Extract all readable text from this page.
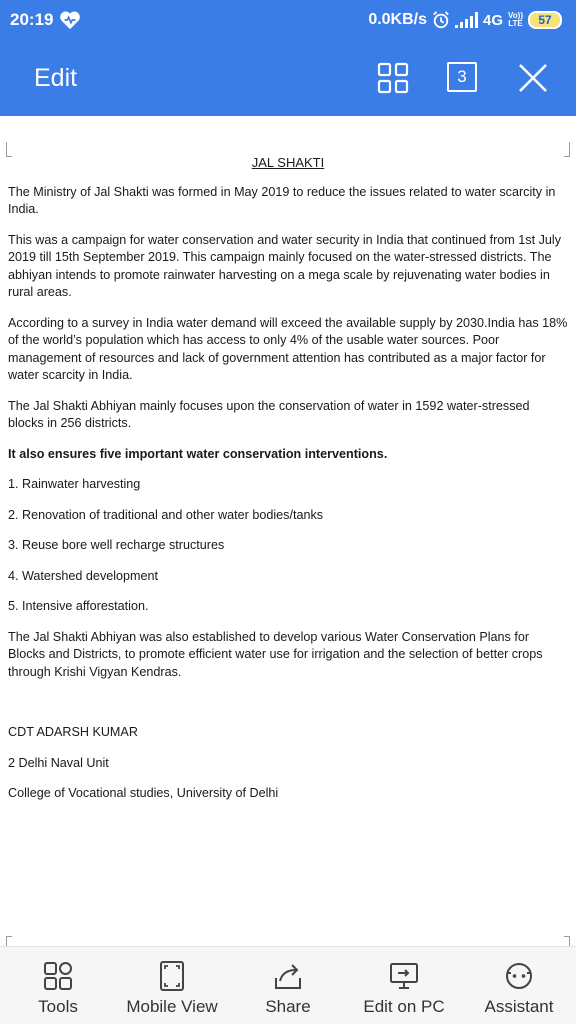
20:19	0.0KB/s	4G Vo))
LTE 57
Edit	3
JAL SHAKTI
The Ministry of Jal Shakti was formed in May 2019 to reduce the issues related to water scarcity in India.
This was a campaign for water conservation and water security in India that continued from 1st July 2019 till 15th September 2019. This campaign mainly focused on the water-stressed districts. The abhiyan intends to promote rainwater harvesting on a mega scale by rejuvenating water bodies in rural areas.
According to a survey in India water demand will exceed the available supply by 2030.India has 18% of the world’s population which has access to only 4% of the usable water sources. Poor management of resources and lack of government attention has contributed as a major factor for water scarcity in India.
The Jal Shakti Abhiyan mainly focuses upon the conservation of water in 1592 water-stressed blocks in 256 districts.
It also ensures five important water conservation interventions.
1. Rainwater harvesting
2. Renovation of traditional and other water bodies/tanks
3. Reuse bore well recharge structures
4. Watershed development
5. Intensive afforestation.
The Jal Shakti Abhiyan was also established to develop various Water Conservation Plans for Blocks and Districts, to promote efficient water use for irrigation and the selection of better crops through Krishi Vigyan Kendras.
CDT ADARSH KUMAR
2 Delhi Naval Unit
College of Vocational studies, University of Delhi
Tools	Mobile View	Share	Edit on PC Assistant
